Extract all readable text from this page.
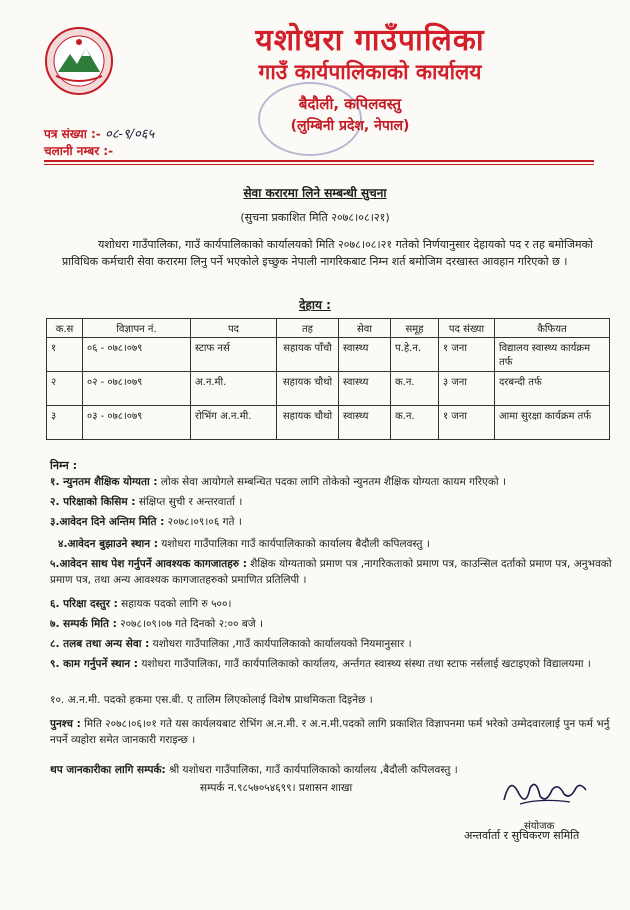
यशोधरा गाउँपालिका
गाउँ कार्यपालिकाको कार्यालय
बैदौली, कपिलवस्तु
(लुम्बिनी प्रदेश, नेपाल)
पत्र संख्या :- ०८-९/०६५
चलानी नम्बर :-
सेवा करारमा लिने सम्बन्धी सुचना
(सुचना प्रकाशित मिति २०७८।०८।२१)
यशोधरा गाउँपालिका, गाउँ कार्यपालिकाको कार्यालयको मिति २०७८।०८।२१ गतेको निर्णयानुसार देहायको पद र तह बमोजिमको प्राविधिक कर्मचारी सेवा करारमा लिनु पर्ने भएकोले इच्छुक नेपाली नागरिकबाट निम्न शर्त बमोजिम दरखास्त आवहान गरिएको छ ।
देहाय :
क.स	विज्ञापन नं.	पद	तह	सेवा	समूह	पद संख्या	कैफियत
१	०६ - ०७८।०७९	स्टाफ नर्स	सहायक पाँचौ	स्वास्थ्य	प.हे.न.	१ जना	विद्यालय स्वास्थ्य कार्यक्रम तर्फ
२	०२ - ०७८।०७९	अ.न.मी.	सहायक चौथो	स्वास्थ्य	क.न.	३ जना	दरबन्दी तर्फ
३	०३ - ०७८।०७९	रोभिंग अ.न.मी.	सहायक चौथो	स्वास्थ्य	क.न.	१ जना	आमा सुरक्षा कार्यक्रम तर्फ
निम्न :
१. न्युनतम शैक्षिक योग्यता : लोक सेवा आयोगले सम्बन्धित पदका लागि तोकेको न्युनतम शैक्षिक योग्यता कायम गरिएको ।
२. परिक्षाको किसिम : संक्षिप्त सुची र अन्तरवार्ता ।
३.आवेदन दिने अन्तिम मिति : २०७८।०९।०६ गते ।
४.आवेदन बुझाउने स्थान : यशोधरा गाउँपालिका गाउँ कार्यपालिकाको कार्यालय बैदौली कपिलवस्तु ।
५.आवेदन साथ पेश गर्नुपर्ने आवश्यक कागजातहरु : शैक्षिक योग्यताको प्रमाण पत्र ,नागरिकताको प्रमाण पत्र, काउन्सिल दर्ताको प्रमाण पत्र, अनुभवको प्रमाण पत्र, तथा अन्य आवश्यक कागजातहरुको प्रमाणित प्रतिलिपी ।
६. परिक्षा दस्तुर : सहायक पदको लागि रु ५००।
७. सम्पर्क मिति : २०७८।०९।०७ गते दिनको २:०० बजे ।
८. तलब तथा अन्य सेवा : यशोधरा गाउँपालिका ,गाउँ कार्यपालिकाको कार्यालयको नियमानुसार ।
९. काम गर्नुपर्ने स्थान : यशोधरा गाउँपालिका, गाउँ कार्यपालिकाको कार्यालय, अर्न्तगत स्वास्थ्य संस्था तथा स्टाफ नर्सलाई खटाइएको विद्यालयमा ।
१०. अ.न.मी. पदको हकमा एस.बी. ए तालिम लिएकोलाई विशेष प्राथमिकता दिइनेछ ।
पुनश्च : मिति २०७८।०६।०१ गते यस कार्यलयबाट रोभिंग अ.न.मी. र अ.न.मी.पदको लागि प्रकाशित विज्ञापनमा फर्म भरेको उम्मेदवारलाई पुन फर्म भर्नु नपर्ने व्यहोरा समेत जानकारी गराइन्छ ।
थप जानकारीका लागि सम्पर्क: श्री यशोधरा गाउँपालिका, गाउँ कार्यपालिकाको कार्यालय ,बैदौली कपिलवस्तु ।
सम्पर्क न.९८५७०५४६९९। प्रशासन शाखा
संयोजक
अन्तर्वार्ता र सुचिकरण समिति
